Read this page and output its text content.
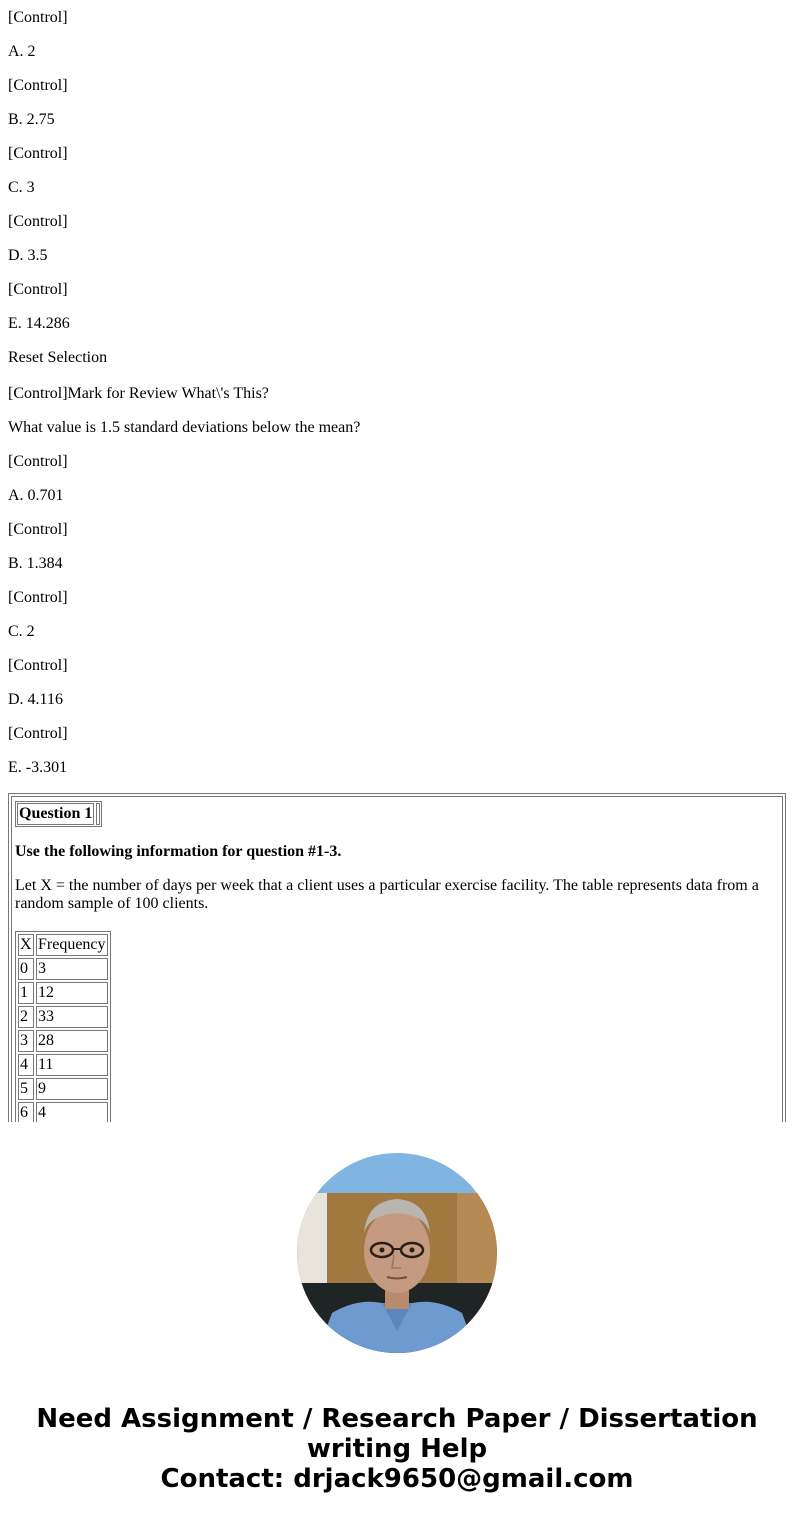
[Control]

A. 2

[Control]

B. 2.75

[Control]

C. 3

[Control]

D. 3.5

[Control]

E. 14.286

Reset Selection

[Control]Mark for Review What\'s This?

What value is 1.5 standard deviations below the mean?

[Control]

A. 0.701

[Control]

B. 1.384

[Control]

C. 2

[Control]

D. 4.116

[Control]

E. -3.301

Question 1

Use the following information for question #1-3.

Let X = the number of days per week that a client uses a particular exercise facility. The table represents data from a random sample of 100 clients.

X	Frequency
0	3
1	12
2	33
3	28
4	11
5	9
6	4
Need Assignment / Research Paper / Dissertation
writing Help
Contact: drjack9650@gmail.com
